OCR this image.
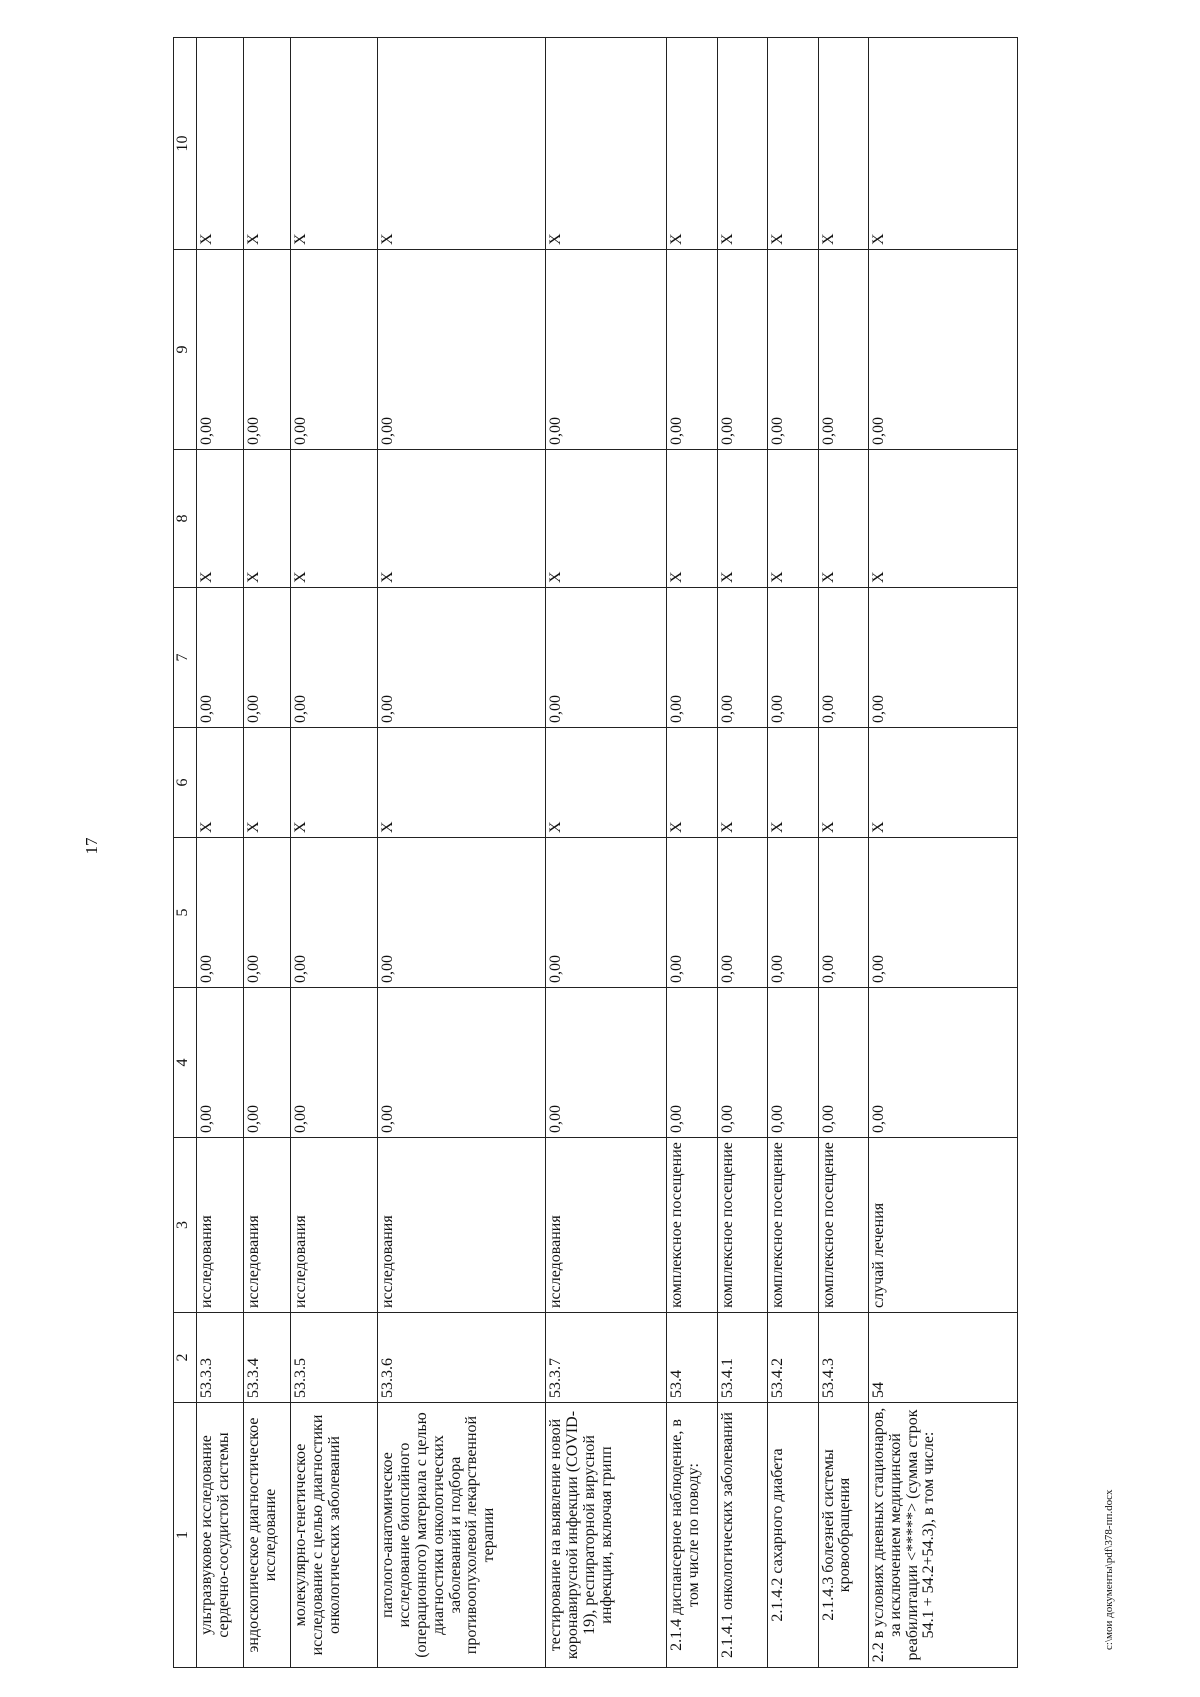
17
1	2	3	4	5	6	7	8	9	10
ультразвуковое исследование сердечно-сосудистой системы	53.3.3	исследования	0,00	0,00	X	0,00	X	0,00	X
эндоскопическое диагностическое исследование	53.3.4	исследования	0,00	0,00	X	0,00	X	0,00	X
молекулярно-генетическое исследование с целью диагностики онкологических заболеваний	53.3.5	исследования	0,00	0,00	X	0,00	X	0,00	X
патолого-анатомическое исследование биопсийного (операционного) материала с целью диагностики онкологических заболеваний и подбора противоопухолевой лекарственной терапии	53.3.6	исследования	0,00	0,00	X	0,00	X	0,00	X
тестирование на выявление новой коронавирусной инфекции (COVID-19), респираторной вирусной инфекции, включая грипп	53.3.7	исследования	0,00	0,00	X	0,00	X	0,00	X
2.1.4 диспансерное наблюдение, в том числе по поводу:	53.4	комплексное посещение	0,00	0,00	X	0,00	X	0,00	X
2.1.4.1 онкологических заболеваний	53.4.1	комплексное посещение	0,00	0,00	X	0,00	X	0,00	X
2.1.4.2 сахарного диабета	53.4.2	комплексное посещение	0,00	0,00	X	0,00	X	0,00	X
2.1.4.3 болезней системы кровообращения	53.4.3	комплексное посещение	0,00	0,00	X	0,00	X	0,00	X
2.2 в условиях дневных стационаров, за исключением медицинской реабилитации <*****> (сумма строк 54.1 + 54.2+54.3), в том числе:	54	случай лечения	0,00	0,00	X	0,00	X	0,00	X
c:\мои документы\pdf\378-пп.docx
